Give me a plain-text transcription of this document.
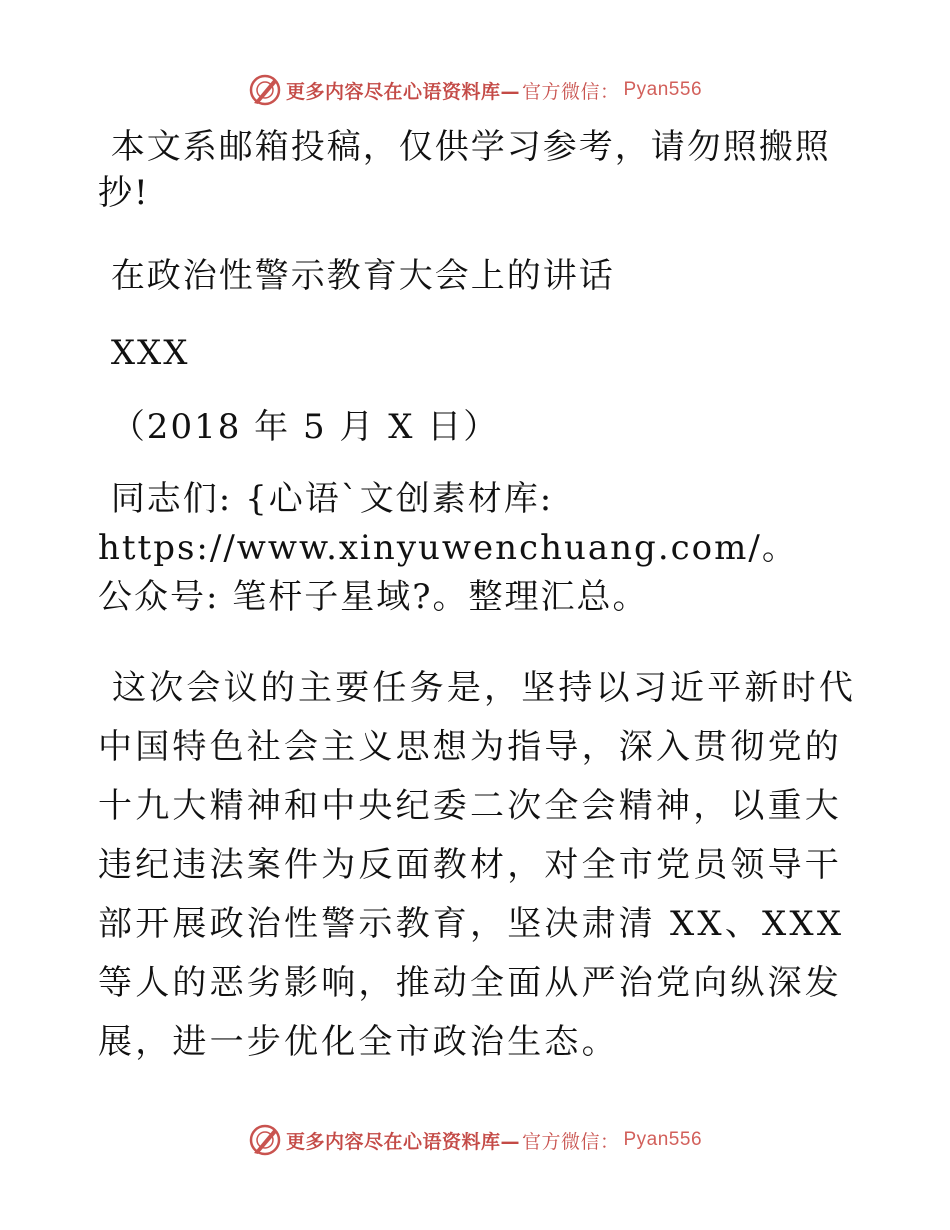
更多内容尽在心语资料库— 官方微信： Pyan556

本文系邮箱投稿，仅供学习参考，请勿照搬照抄!

在政治性警示教育大会上的讲话

XXX

（2018 年 5 月 X 日）

同志们: {心语`文创素材库: https://www.xinyuwenchuang.com/。公众号: 笔杆子星域?。整理汇总。

这次会议的主要任务是，坚持以习近平新时代中国特色社会主义思想为指导，深入贯彻党的十九大精神和中央纪委二次全会精神，以重大违纪违法案件为反面教材，对全市党员领导干部开展政治性警示教育，坚决肃清 XX、XXX 等人的恶劣影响，推动全面从严治党向纵深发展，进一步优化全市政治生态。

更多内容尽在心语资料库— 官方微信： Pyan556
